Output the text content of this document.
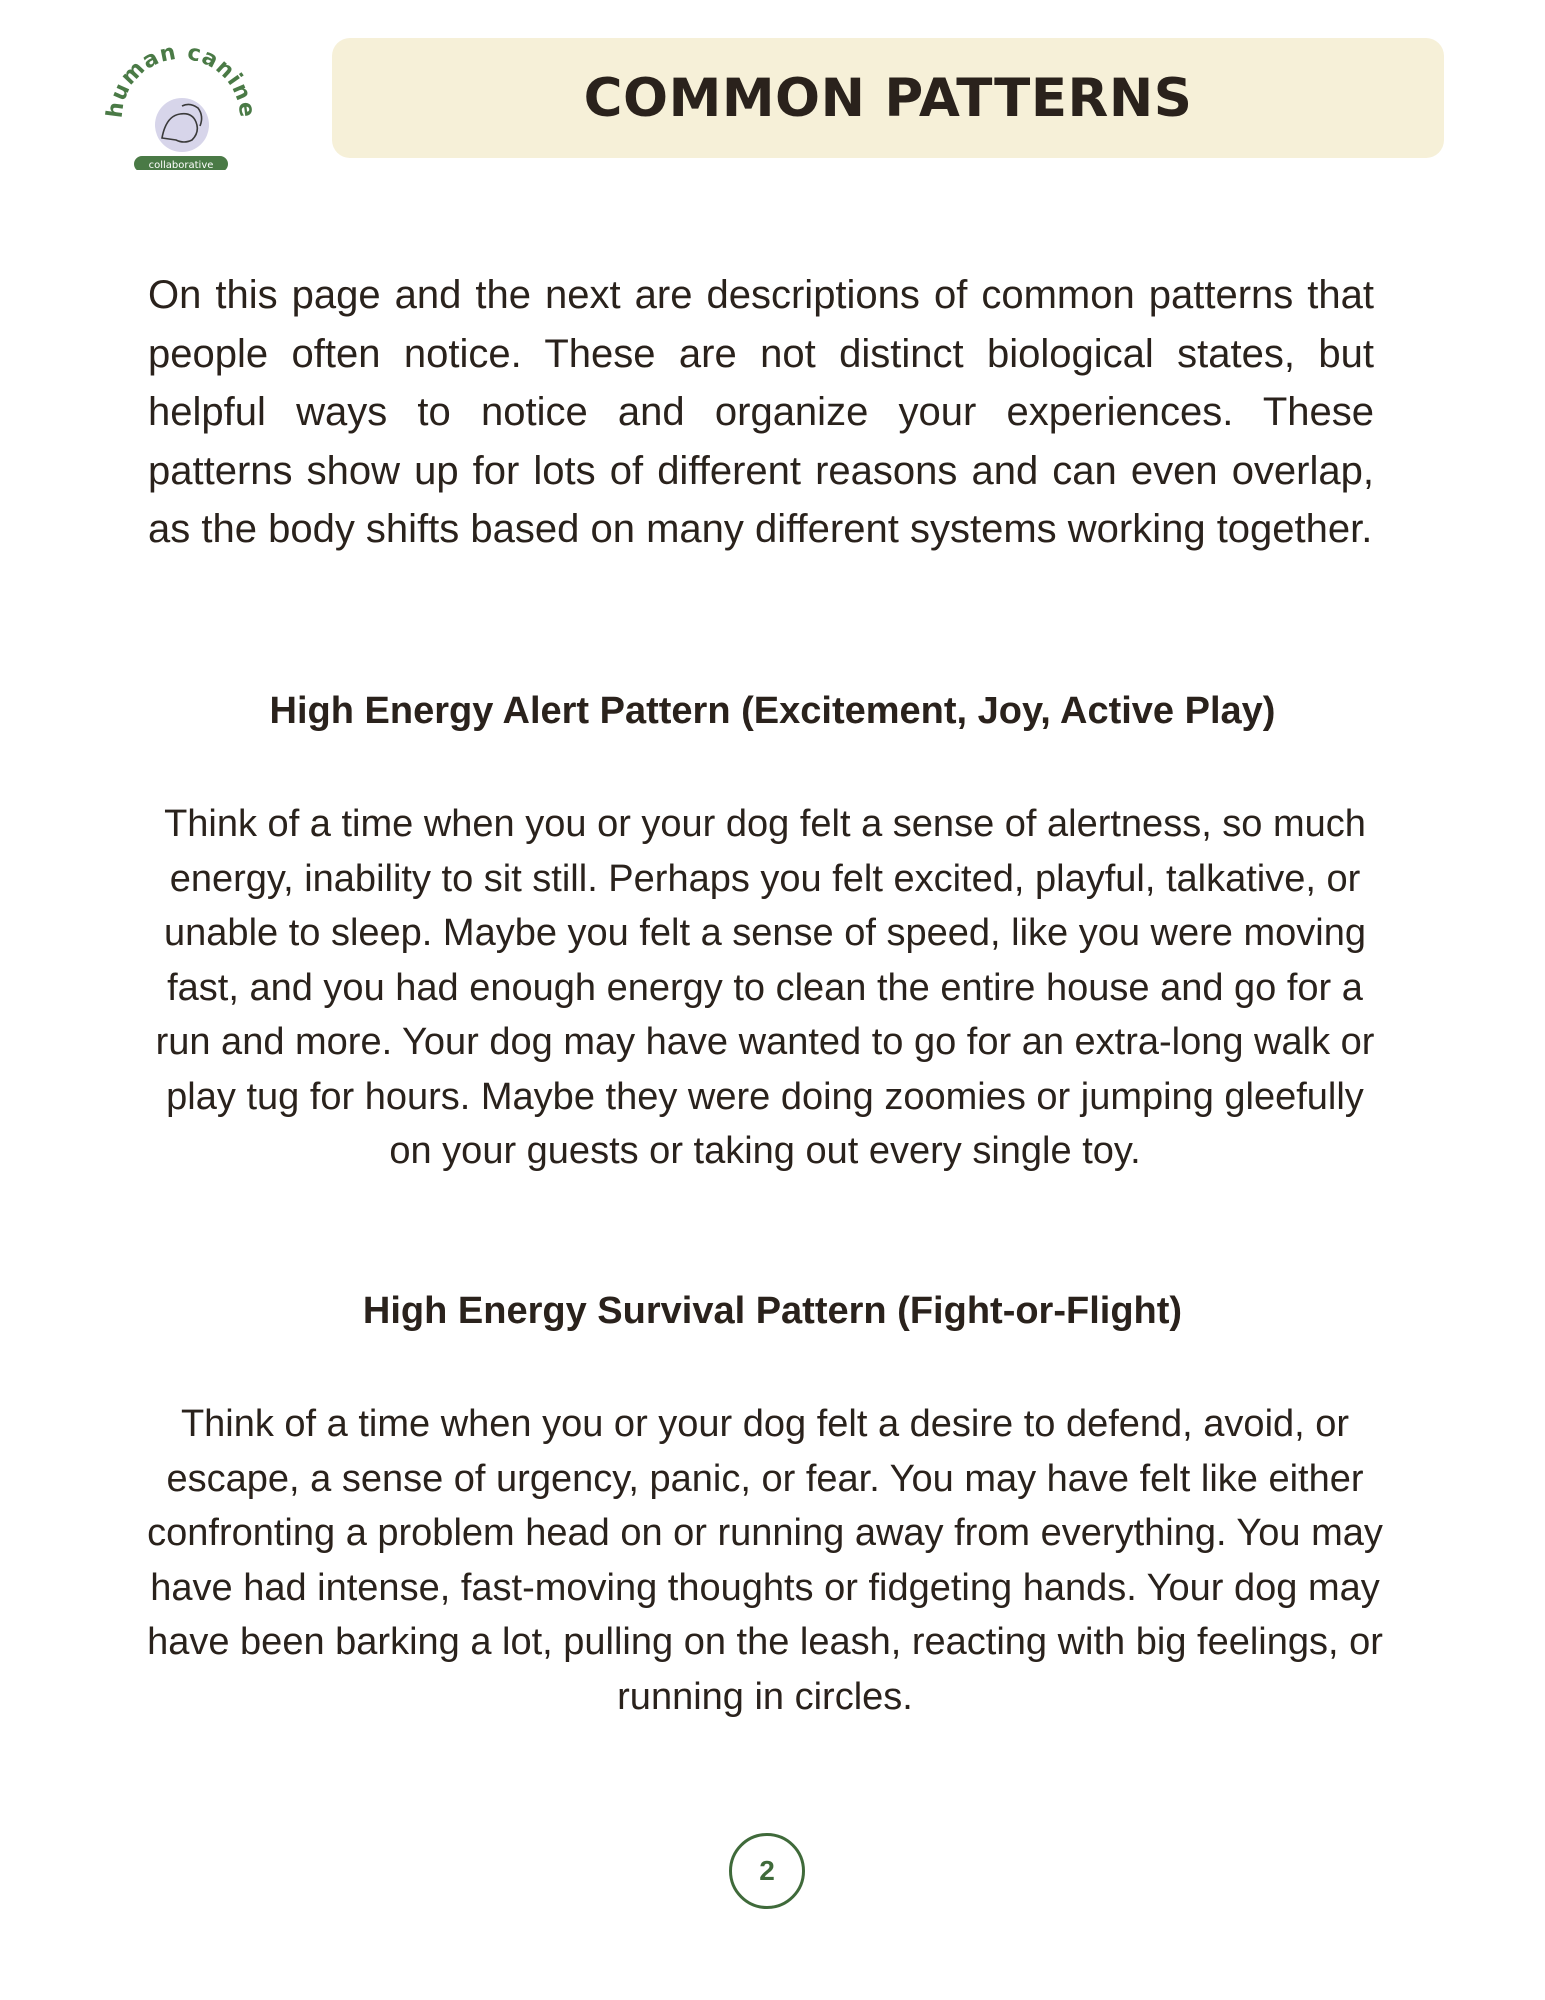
human canine
collaborative
COMMON PATTERNS

On this page and the next are descriptions of common patterns that people often notice. These are not distinct biological states, but helpful ways to notice and organize your experiences. These patterns show up for lots of different reasons and can even overlap, as the body shifts based on many different systems working together.

High Energy Alert Pattern (Excitement, Joy, Active Play)

Think of a time when you or your dog felt a sense of alertness, so much energy, inability to sit still. Perhaps you felt excited, playful, talkative, or unable to sleep. Maybe you felt a sense of speed, like you were moving fast, and you had enough energy to clean the entire house and go for a run and more. Your dog may have wanted to go for an extra-long walk or play tug for hours. Maybe they were doing zoomies or jumping gleefully on your guests or taking out every single toy.

High Energy Survival Pattern (Fight-or-Flight)

Think of a time when you or your dog felt a desire to defend, avoid, or escape, a sense of urgency, panic, or fear. You may have felt like either confronting a problem head on or running away from everything. You may have had intense, fast-moving thoughts or fidgeting hands. Your dog may have been barking a lot, pulling on the leash, reacting with big feelings, or running in circles.

2
